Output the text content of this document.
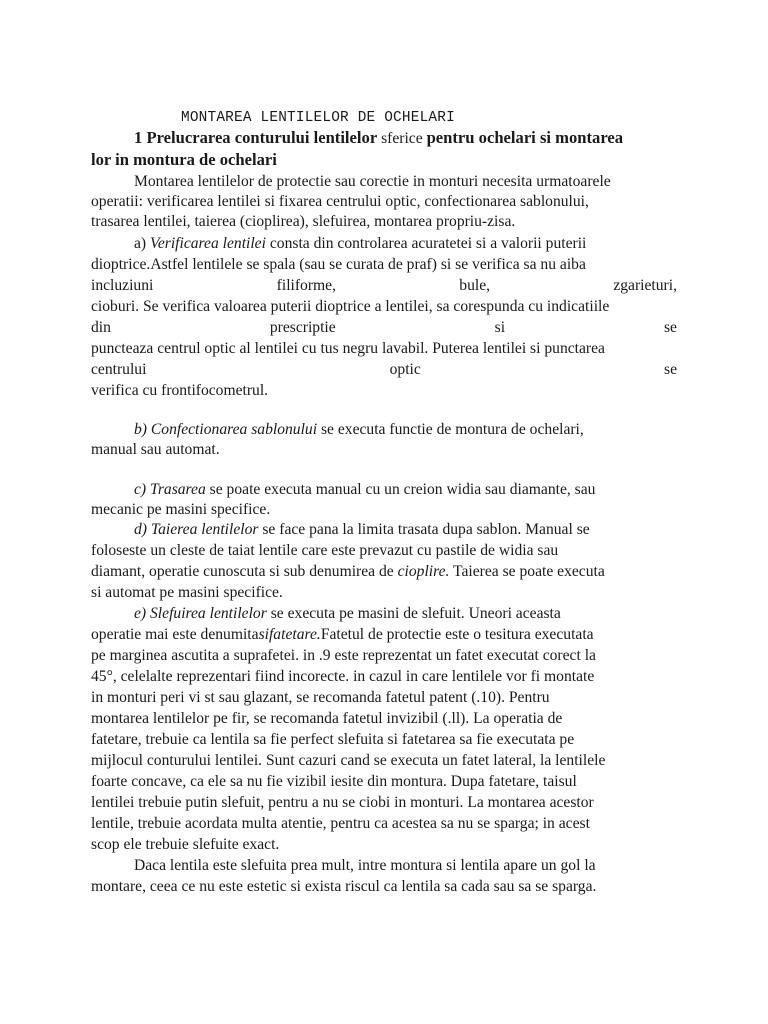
MONTAREA LENTILELOR DE OCHELARI
1 Prelucrarea conturului lentilelor sferice pentru ochelari si montarea
lor in montura de ochelari
Montarea lentilelor de protectie sau corectie in monturi necesita urmatoarele
operatii: verificarea lentilei si fixarea centrului optic, confectionarea sablonului,
trasarea lentilei, taierea (cioplirea), slefuirea, montarea propriu-zisa.
a) Verificarea lentilei consta din controlarea acuratetei si a valorii puterii
dioptrice.Astfel lentilele se spala (sau se curata de praf) si se verifica sa nu aiba
incluziuni	filiforme,	bule,	zgarieturi,
cioburi. Se verifica valoarea puterii dioptrice a lentilei, sa corespunda cu indicatiile
din	prescriptie	si	se
puncteaza centrul optic al lentilei cu tus negru lavabil. Puterea lentilei si punctarea
centrului	optic	se
verifica cu frontifocometrul.
b) Confectionarea sablonului se executa functie de montura de ochelari,
manual sau automat.
c) Trasarea se poate executa manual cu un creion widia sau diamante, sau
mecanic pe masini specifice.
d) Taierea lentilelor se face pana la limita trasata dupa sablon. Manual se
foloseste un cleste de taiat lentile care este prevazut cu pastile de widia sau
diamant, operatie cunoscuta si sub denumirea de cioplire. Taierea se poate executa
si automat pe masini specifice.
e) Slefuirea lentilelor se executa pe masini de slefuit. Uneori aceasta
operatie mai este denumitasifatetare.Fatetul de protectie este o tesitura executata
pe marginea ascutita a suprafetei. in .9 este reprezentat un fatet executat corect la
45°, celelalte reprezentari fiind incorecte. in cazul in care lentilele vor fi montate
in monturi peri vi st sau glazant, se recomanda fatetul patent (.10). Pentru
montarea lentilelor pe fir, se recomanda fatetul invizibil (.ll). La operatia de
fatetare, trebuie ca lentila sa fie perfect slefuita si fatetarea sa fie executata pe
mijlocul conturului lentilei. Sunt cazuri cand se executa un fatet lateral, la lentilele
foarte concave, ca ele sa nu fie vizibil iesite din montura. Dupa fatetare, taisul
lentilei trebuie putin slefuit, pentru a nu se ciobi in monturi. La montarea acestor
lentile, trebuie acordata multa atentie, pentru ca acestea sa nu se sparga; in acest
scop ele trebuie slefuite exact.
Daca lentila este slefuita prea mult, intre montura si lentila apare un gol la
montare, ceea ce nu este estetic si exista riscul ca lentila sa cada sau sa se sparga.
